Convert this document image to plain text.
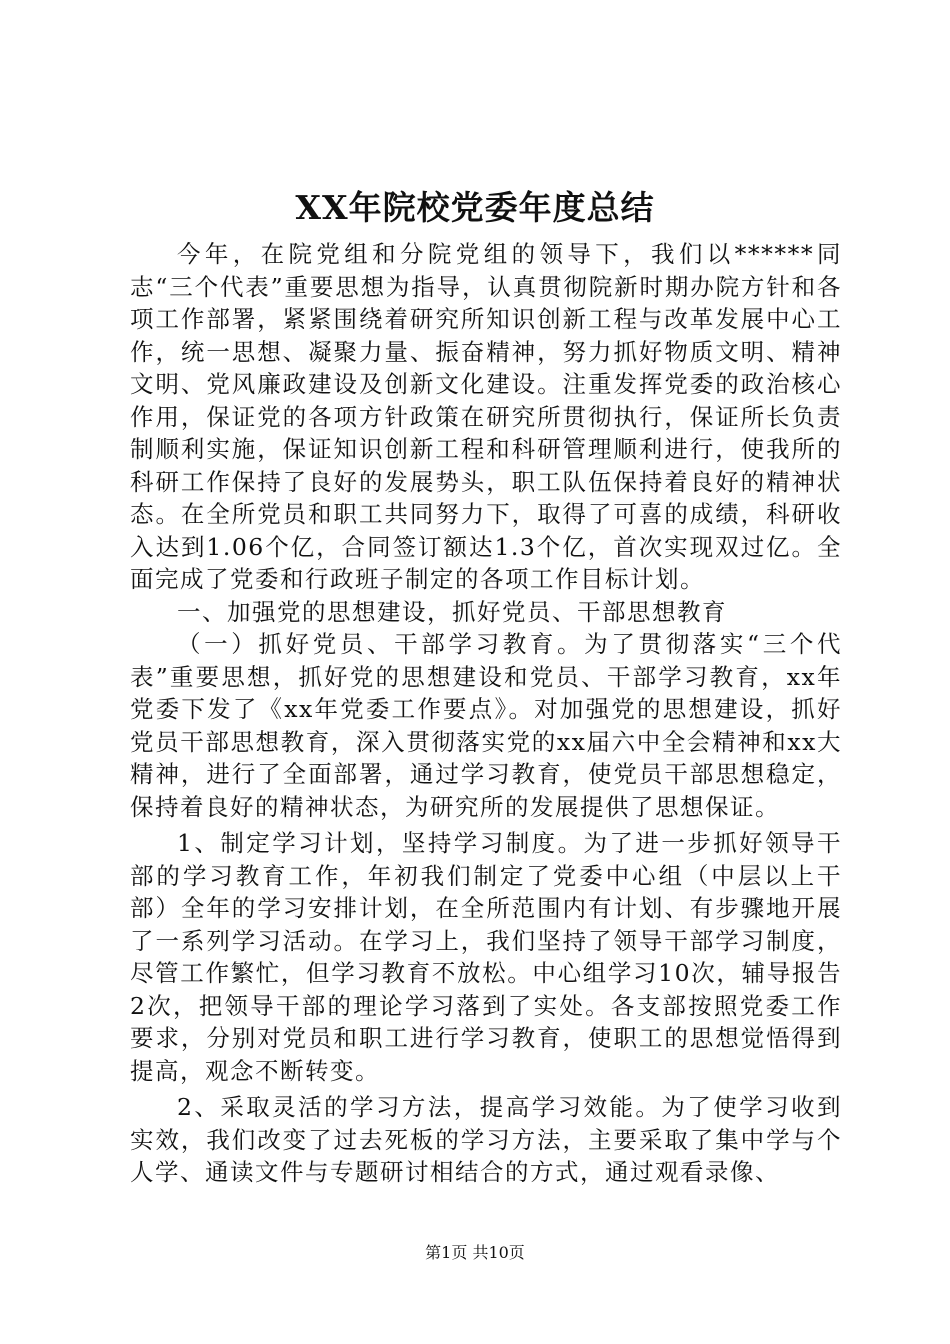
XX年院校党委年度总结

今年，在院党组和分院党组的领导下，我们以******同志“三个代表”重要思想为指导，认真贯彻院新时期办院方针和各项工作部署，紧紧围绕着研究所知识创新工程与改革发展中心工作，统一思想、凝聚力量、振奋精神，努力抓好物质文明、精神文明、党风廉政建设及创新文化建设。注重发挥党委的政治核心作用，保证党的各项方针政策在研究所贯彻执行，保证所长负责制顺利实施，保证知识创新工程和科研管理顺利进行，使我所的科研工作保持了良好的发展势头，职工队伍保持着良好的精神状态。在全所党员和职工共同努力下，取得了可喜的成绩，科研收入达到1.06个亿，合同签订额达1.3个亿，首次实现双过亿。全面完成了党委和行政班子制定的各项工作目标计划。

一、加强党的思想建设，抓好党员、干部思想教育

（一）抓好党员、干部学习教育。为了贯彻落实“三个代表”重要思想，抓好党的思想建设和党员、干部学习教育，xx年党委下发了《xx年党委工作要点》。对加强党的思想建设，抓好党员干部思想教育，深入贯彻落实党的xx届六中全会精神和xx大精神，进行了全面部署，通过学习教育，使党员干部思想稳定，保持着良好的精神状态，为研究所的发展提供了思想保证。

1、制定学习计划，坚持学习制度。为了进一步抓好领导干部的学习教育工作，年初我们制定了党委中心组（中层以上干部）全年的学习安排计划，在全所范围内有计划、有步骤地开展了一系列学习活动。在学习上，我们坚持了领导干部学习制度，尽管工作繁忙，但学习教育不放松。中心组学习10次，辅导报告2次，把领导干部的理论学习落到了实处。各支部按照党委工作要求，分别对党员和职工进行学习教育，使职工的思想觉悟得到提高，观念不断转变。

2、采取灵活的学习方法，提高学习效能。为了使学习收到实效，我们改变了过去死板的学习方法，主要采取了集中学与个人学、通读文件与专题研讨相结合的方式，通过观看录像、

第1页 共10页
